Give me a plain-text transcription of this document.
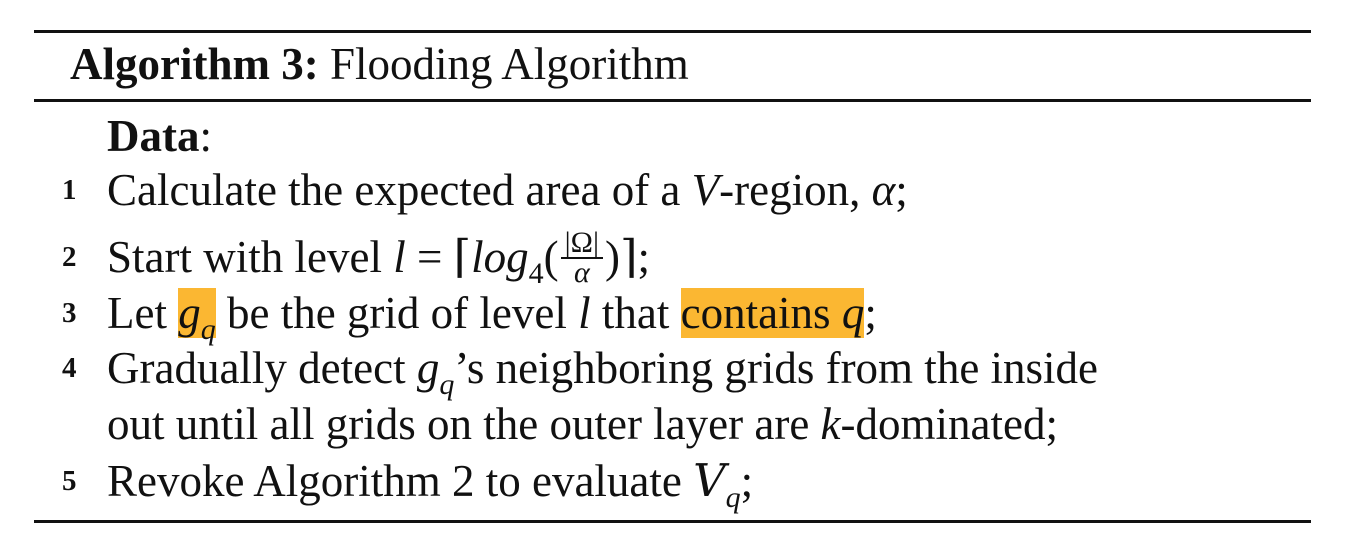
Algorithm 3: Flooding Algorithm
Data:
1 Calculate the expected area of a V-region, α;
2 Start with level $l = ⌈\log_4( \frac{|\Omega|}{\alpha}$ )⌉;
3 Let $g_q$ be the grid of level l that contains q;
4 Gradually detect $g_q’s$ neighboring grids from the inside
out until all grids on the outer layer are k-dominated;
5 Revoke Algorithm 2 to evaluate $V_q$;
